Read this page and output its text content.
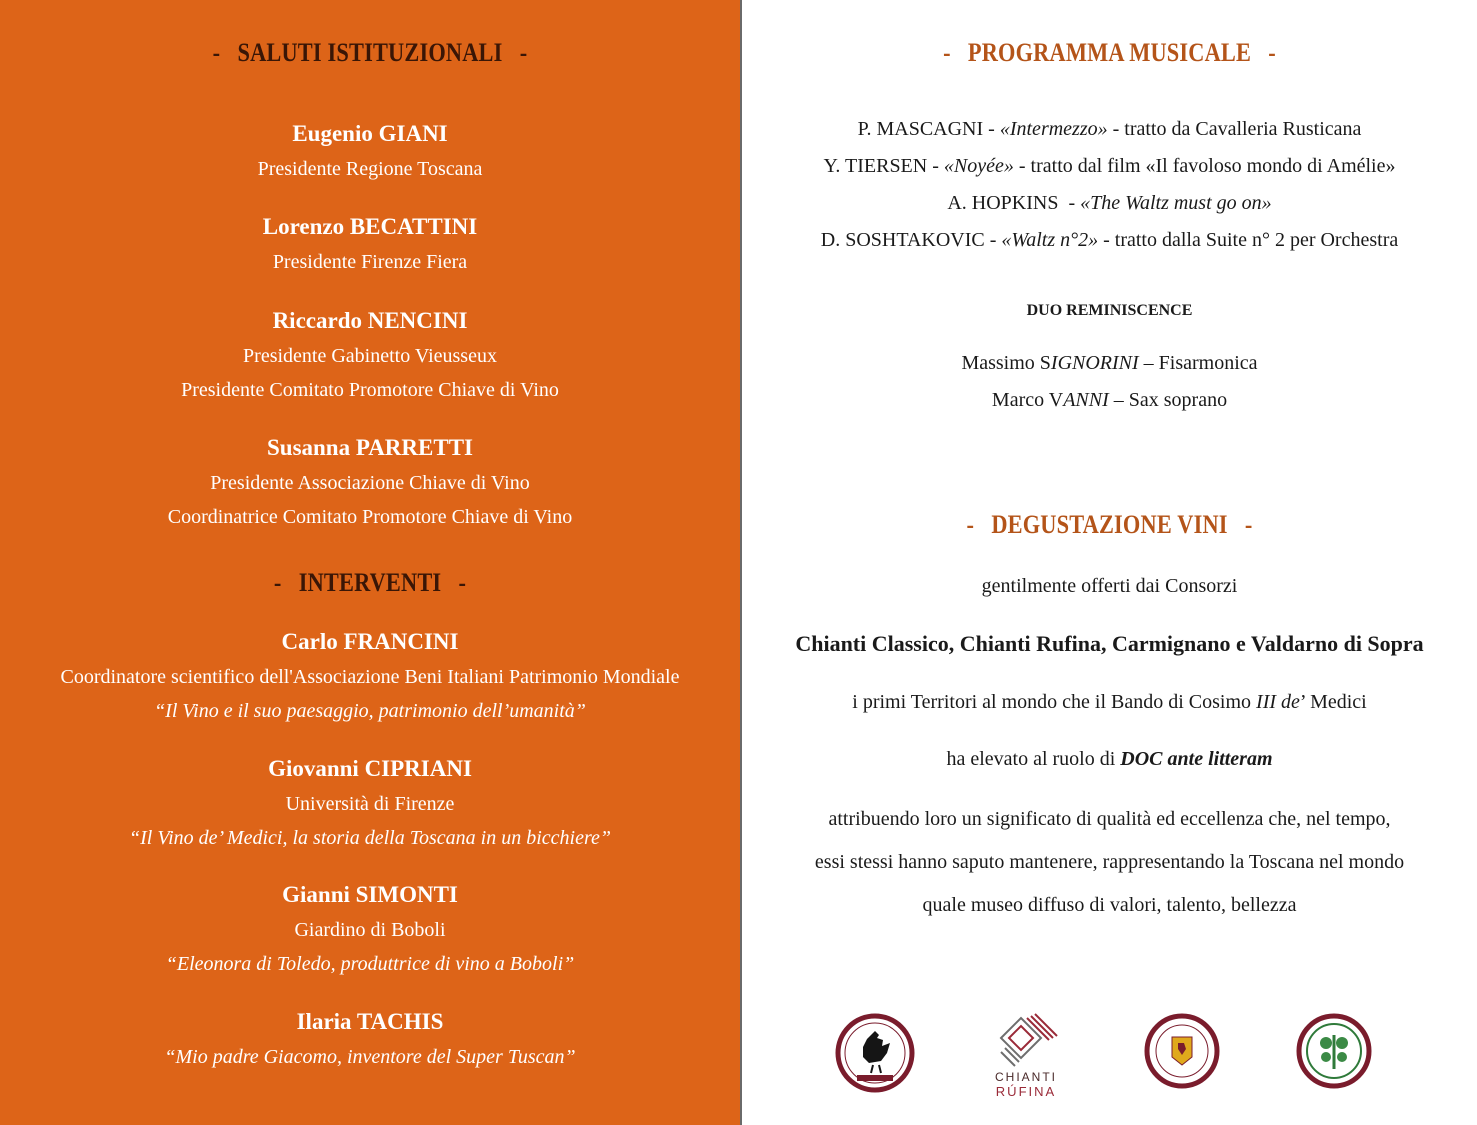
- SALUTI ISTITUZIONALI -
Eugenio GIANI
Presidente Regione Toscana
Lorenzo BECATTINI
Presidente Firenze Fiera
Riccardo NENCINI
Presidente Gabinetto Vieusseux
Presidente Comitato Promotore Chiave di Vino
Susanna PARRETTI
Presidente Associazione Chiave di Vino
Coordinatrice Comitato Promotore Chiave di Vino
- INTERVENTI -
Carlo FRANCINI
Coordinatore scientifico dell'Associazione Beni Italiani Patrimonio Mondiale
“Il Vino e il suo paesaggio, patrimonio dell’umanità”
Giovanni CIPRIANI
Università di Firenze
“Il Vino de’ Medici, la storia della Toscana in un bicchiere”
Gianni SIMONTI
Giardino di Boboli
“Eleonora di Toledo, produttrice di vino a Boboli”
Ilaria TACHIS
“Mio padre Giacomo, inventore del Super Tuscan”
- PROGRAMMA MUSICALE -
P. MASCAGNI - «Intermezzo» - tratto da Cavalleria Rusticana
Y. TIERSEN - «Noyée» - tratto dal film «Il favoloso mondo di Amélie»
A. HOPKINS  - «The Waltz must go on»
D. SOSHTAKOVIC - «Waltz n°2» - tratto dalla Suite n° 2 per Orchestra
DUO REMINISCENCE
Massimo SIGNORINI – Fisarmonica
Marco VANNI – Sax soprano
- DEGUSTAZIONE VINI -
gentilmente offerti dai Consorzi
Chianti Classico, Chianti Rufina, Carmignano e Valdarno di Sopra
i primi Territori al mondo che il Bando di Cosimo III de’ Medici
ha elevato al ruolo di DOC ante litteram
attribuendo loro un significato di qualità ed eccellenza che, nel tempo,
essi stessi hanno saputo mantenere, rappresentando la Toscana nel mondo
quale museo diffuso di valori, talento, bellezza
CHIANTI
RÚFINA
